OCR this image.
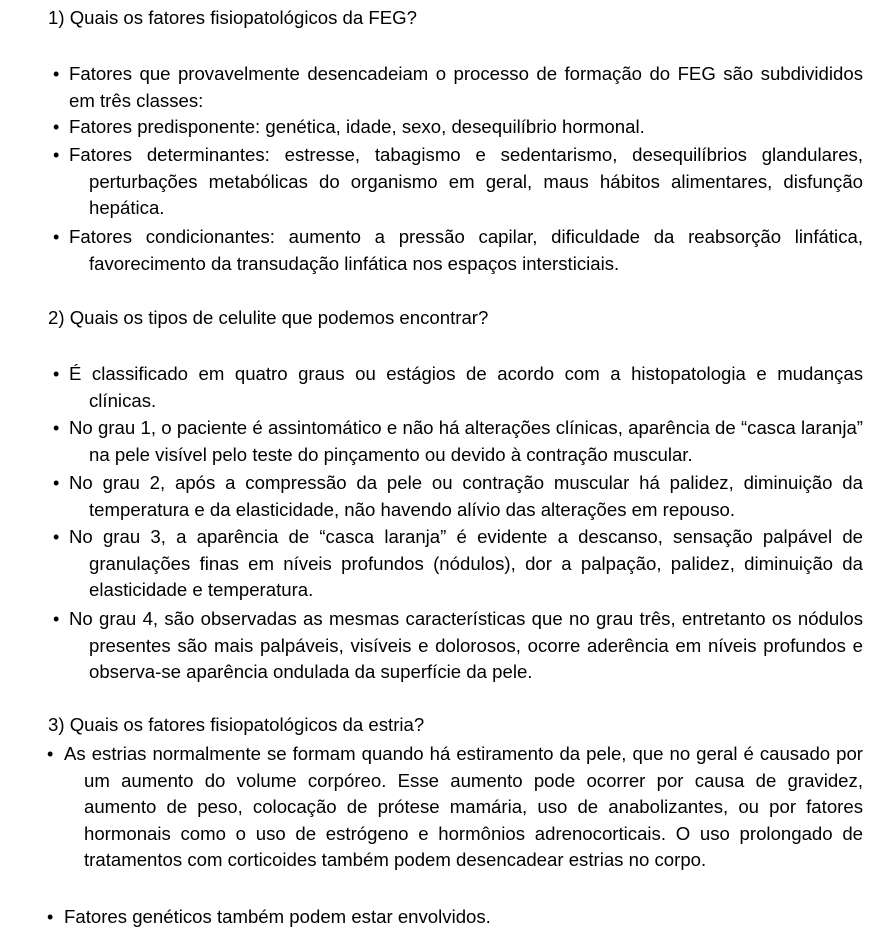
1) Quais os fatores fisiopatológicos da FEG?
• Fatores que provavelmente desencadeiam o processo de formação do FEG são subdivididos em três classes:
• Fatores predisponente: genética, idade, sexo, desequilíbrio hormonal.
• Fatores determinantes: estresse, tabagismo e sedentarismo, desequilíbrios glandulares, perturbações metabólicas do organismo em geral, maus hábitos alimentares, disfunção hepática.
• Fatores condicionantes: aumento a pressão capilar, dificuldade da reabsorção linfática, favorecimento da transudação linfática nos espaços intersticiais.
2) Quais os tipos de celulite que podemos encontrar?
• É classificado em quatro graus ou estágios de acordo com a histopatologia e mudanças clínicas.
• No grau 1, o paciente é assintomático e não há alterações clínicas, aparência de “casca laranja” na pele visível pelo teste do pinçamento ou devido à contração muscular.
• No grau 2, após a compressão da pele ou contração muscular há palidez, diminuição da temperatura e da elasticidade, não havendo alívio das alterações em repouso.
• No grau 3, a aparência de “casca laranja” é evidente a descanso, sensação palpável de granulações finas em níveis profundos (nódulos), dor a palpação, palidez, diminuição da elasticidade e temperatura.
• No grau 4, são observadas as mesmas características que no grau três, entretanto os nódulos presentes são mais palpáveis, visíveis e dolorosos, ocorre aderência em níveis profundos e observa-se aparência ondulada da superfície da pele.
3) Quais os fatores fisiopatológicos da estria?
• As estrias normalmente se formam quando há estiramento da pele, que no geral é causado por um aumento do volume corpóreo. Esse aumento pode ocorrer por causa de gravidez, aumento de peso, colocação de prótese mamária, uso de anabolizantes, ou por fatores hormonais como o uso de estrógeno e hormônios adrenocorticais. O uso prolongado de tratamentos com corticoides também podem desencadear estrias no corpo.
• Fatores genéticos também podem estar envolvidos.
